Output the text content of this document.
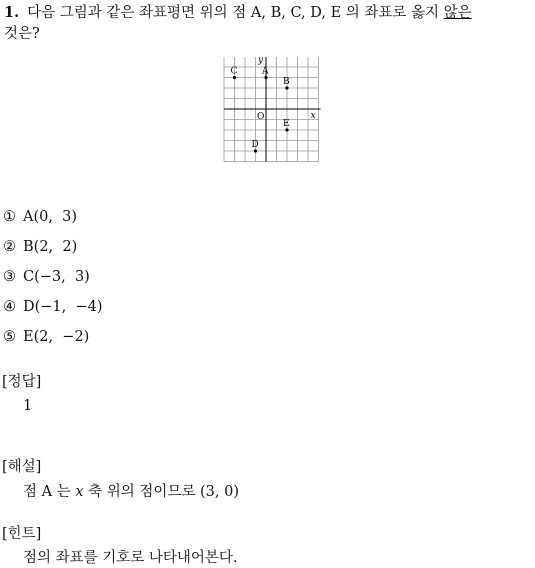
1. 다음 그림과 같은 좌표평면 위의 점 A, B, C, D, E 의 좌표로 옳지 않은
것은?
y
x
O
A
B
C
D
E
① A(0,  3)
② B(2,  2)
③ C(−3,  3)
④ D(−1,  −4)
⑤ E(2,  −2)
[정답]
1
[해설]
점 A 는 x 축 위의 점이므로 (3, 0)
[힌트]
점의 좌표를 기호로 나타내어본다.
